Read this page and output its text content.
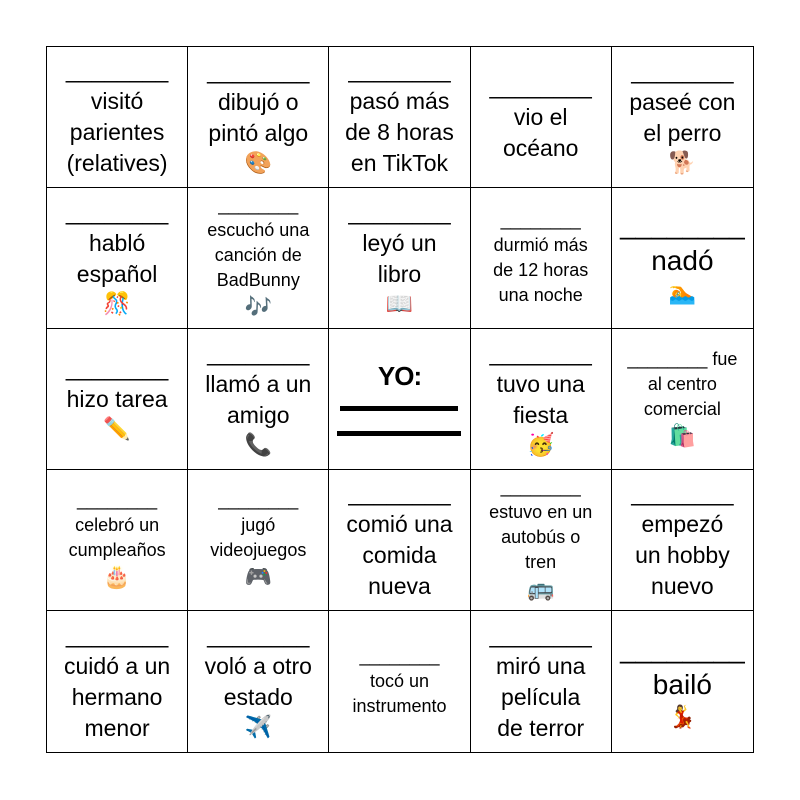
________
visitó
parientes
(relatives)
________
dibujó o
pintó algo
🎨
________
pasó más
de 8 horas
en TikTok
________
vio el
océano
________
paseé con
el perro
🐕
________
habló
español
🎊
________
escuchó una
canción de
BadBunny
🎶
________
leyó un
libro
📖
________
durmió más
de 12 horas
una noche
________
nadó
🏊
________
hizo tarea
✏️
________
llamó a un
amigo
📞
YO:
________
tuvo una
fiesta
🥳
________ fue
al centro
comercial
🛍️
________
celebró un
cumpleaños
🎂
________
jugó
videojuegos
🎮
________
comió una
comida
nueva
________
estuvo en un
autobús o
tren
🚌
________
empezó
un hobby
nuevo
________
cuidó a un
hermano
menor
________
voló a otro
estado
✈️
________
tocó un
instrumento
________
miró una
película
de terror
________
bailó
💃
